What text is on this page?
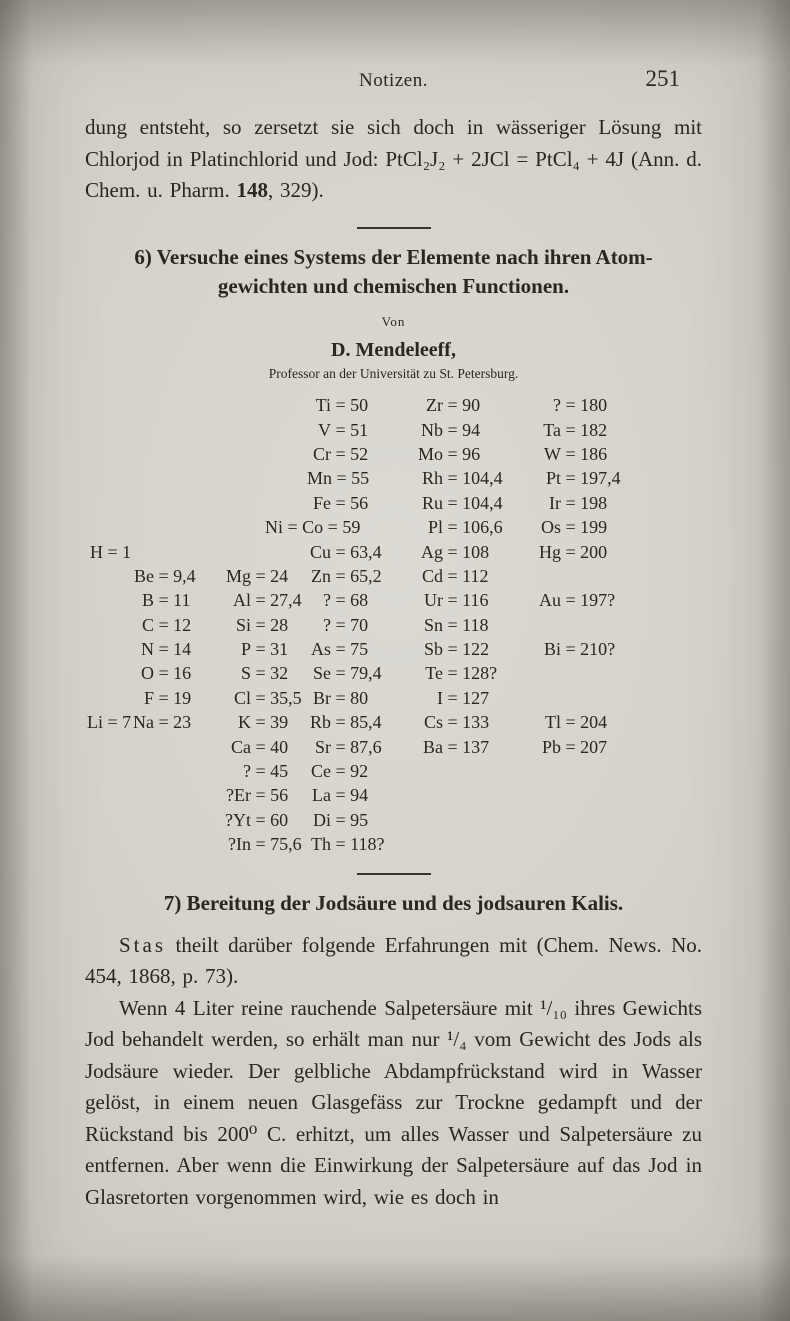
Notizen.	251

dung entsteht, so zersetzt sie sich doch in wässeriger Lösung mit Chlorjod in Platinchlorid und Jod: PtCl₂J₂ + 2JCl = PtCl₄ + 4J (Ann. d. Chem. u. Pharm. 148, 329).

6) Versuche eines Systems der Elemente nach ihren Atom-
gewichten und chemischen Functionen.
Von
D. Mendeleeff,
Professor an der Universität zu St. Petersburg.
			Ti = 50	Zr = 90	? = 180
			V = 51	Nb = 94	Ta = 182
			Cr = 52	Mo = 96	W = 186
			Mn = 55	Rh = 104,4	Pt = 197,4
			Fe = 56	Ru = 104,4	Ir = 198
			Ni = Co = 59	Pl = 106,6	Os = 199
H = 1			Cu = 63,4	Ag = 108	Hg = 200
	Be = 9,4	Mg = 24	Zn = 65,2	Cd = 112	
	B = 11	Al = 27,4	? = 68	Ur = 116	Au = 197?
	C = 12	Si = 28	? = 70	Sn = 118	
	N = 14	P = 31	As = 75	Sb = 122	Bi = 210?
	O = 16	S = 32	Se = 79,4	Te = 128?	
	F = 19	Cl = 35,5	Br = 80	I = 127	
Li = 7	Na = 23	K = 39	Rb = 85,4	Cs = 133	Tl = 204
		Ca = 40	Sr = 87,6	Ba = 137	Pb = 207
		? = 45	Ce = 92		
		?Er = 56	La = 94		
		?Yt = 60	Di = 95		
		?In = 75,6	Th = 118?		
7) Bereitung der Jodsäure und des jodsauren Kalis.

Stas theilt darüber folgende Erfahrungen mit (Chem. News. No. 454, 1868, p. 73).

Wenn 4 Liter reine rauchende Salpetersäure mit ¹/₁₀ ihres Gewichts Jod behandelt werden, so erhält man nur ¹/₄ vom Gewicht des Jods als Jodsäure wieder. Der gelbliche Abdampfrückstand wird in Wasser gelöst, in einem neuen Glasgefäss zur Trockne gedampft und der Rückstand bis 200⁰ C. erhitzt, um alles Wasser und Salpetersäure zu entfernen. Aber wenn die Einwirkung der Salpetersäure auf das Jod in Glasretorten vorgenommen wird, wie es doch in
